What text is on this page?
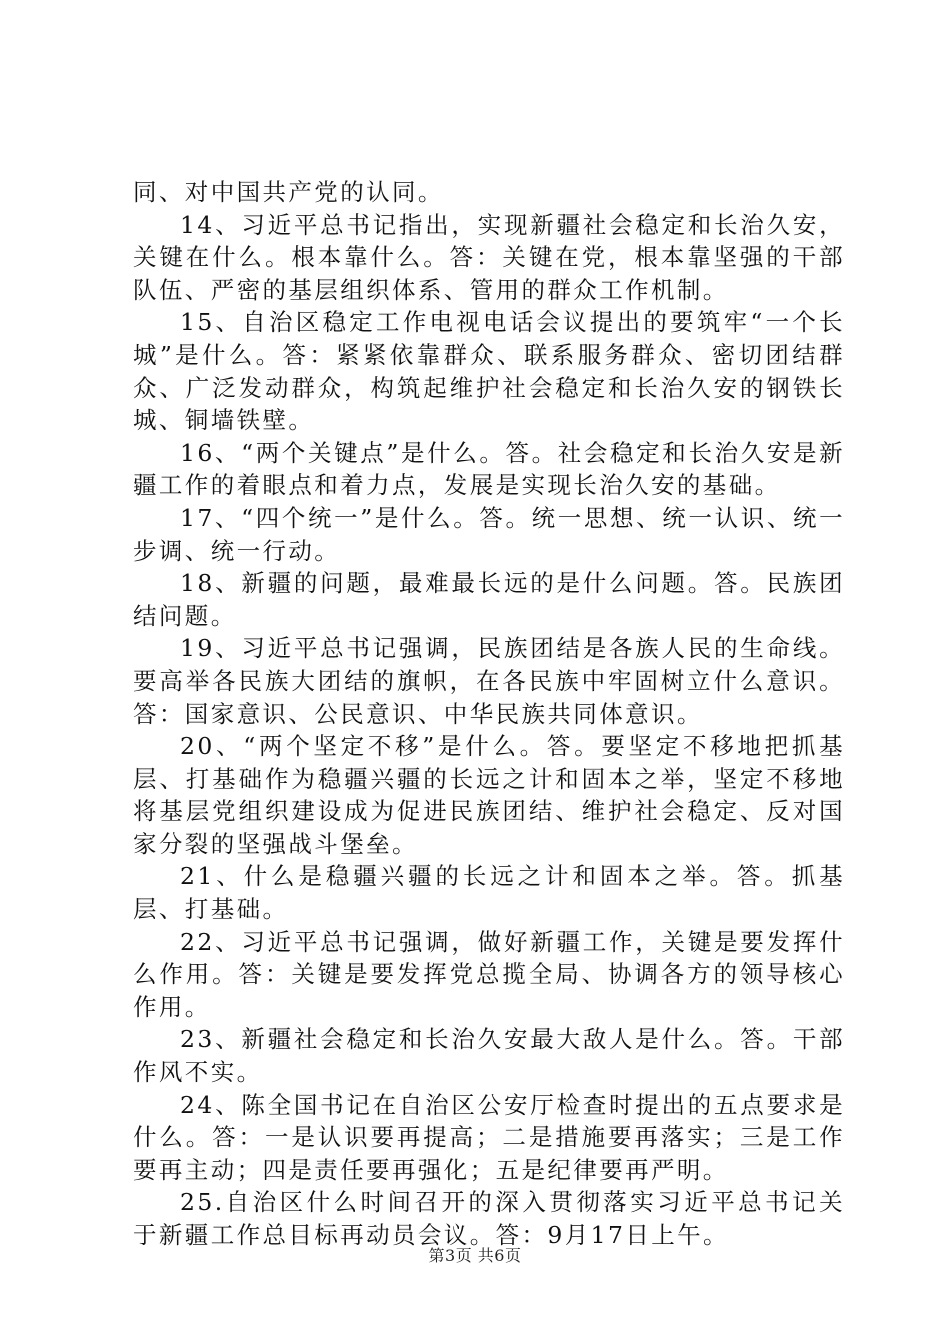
同、对中国共产党的认同。

14、习近平总书记指出，实现新疆社会稳定和长治久安，关键在什么。根本靠什么。答：关键在党，根本靠坚强的干部队伍、严密的基层组织体系、管用的群众工作机制。

15、自治区稳定工作电视电话会议提出的要筑牢“一个长城”是什么。答：紧紧依靠群众、联系服务群众、密切团结群众、广泛发动群众，构筑起维护社会稳定和长治久安的钢铁长城、铜墙铁壁。

16、“两个关键点”是什么。答。社会稳定和长治久安是新疆工作的着眼点和着力点，发展是实现长治久安的基础。

17、“四个统一”是什么。答。统一思想、统一认识、统一步调、统一行动。

18、新疆的问题，最难最长远的是什么问题。答。民族团结问题。

19、习近平总书记强调，民族团结是各族人民的生命线。要高举各民族大团结的旗帜，在各民族中牢固树立什么意识。答：国家意识、公民意识、中华民族共同体意识。

20、“两个坚定不移”是什么。答。要坚定不移地把抓基层、打基础作为稳疆兴疆的长远之计和固本之举，坚定不移地将基层党组织建设成为促进民族团结、维护社会稳定、反对国家分裂的坚强战斗堡垒。

21、什么是稳疆兴疆的长远之计和固本之举。答。抓基层、打基础。

22、习近平总书记强调，做好新疆工作，关键是要发挥什么作用。答：关键是要发挥党总揽全局、协调各方的领导核心作用。

23、新疆社会稳定和长治久安最大敌人是什么。答。干部作风不实。

24、陈全国书记在自治区公安厅检查时提出的五点要求是什么。答：一是认识要再提高；二是措施要再落实；三是工作要再主动；四是责任要再强化；五是纪律要再严明。

25.自治区什么时间召开的深入贯彻落实习近平总书记关于新疆工作总目标再动员会议。答：9月17日上午。

第3页 共6页
